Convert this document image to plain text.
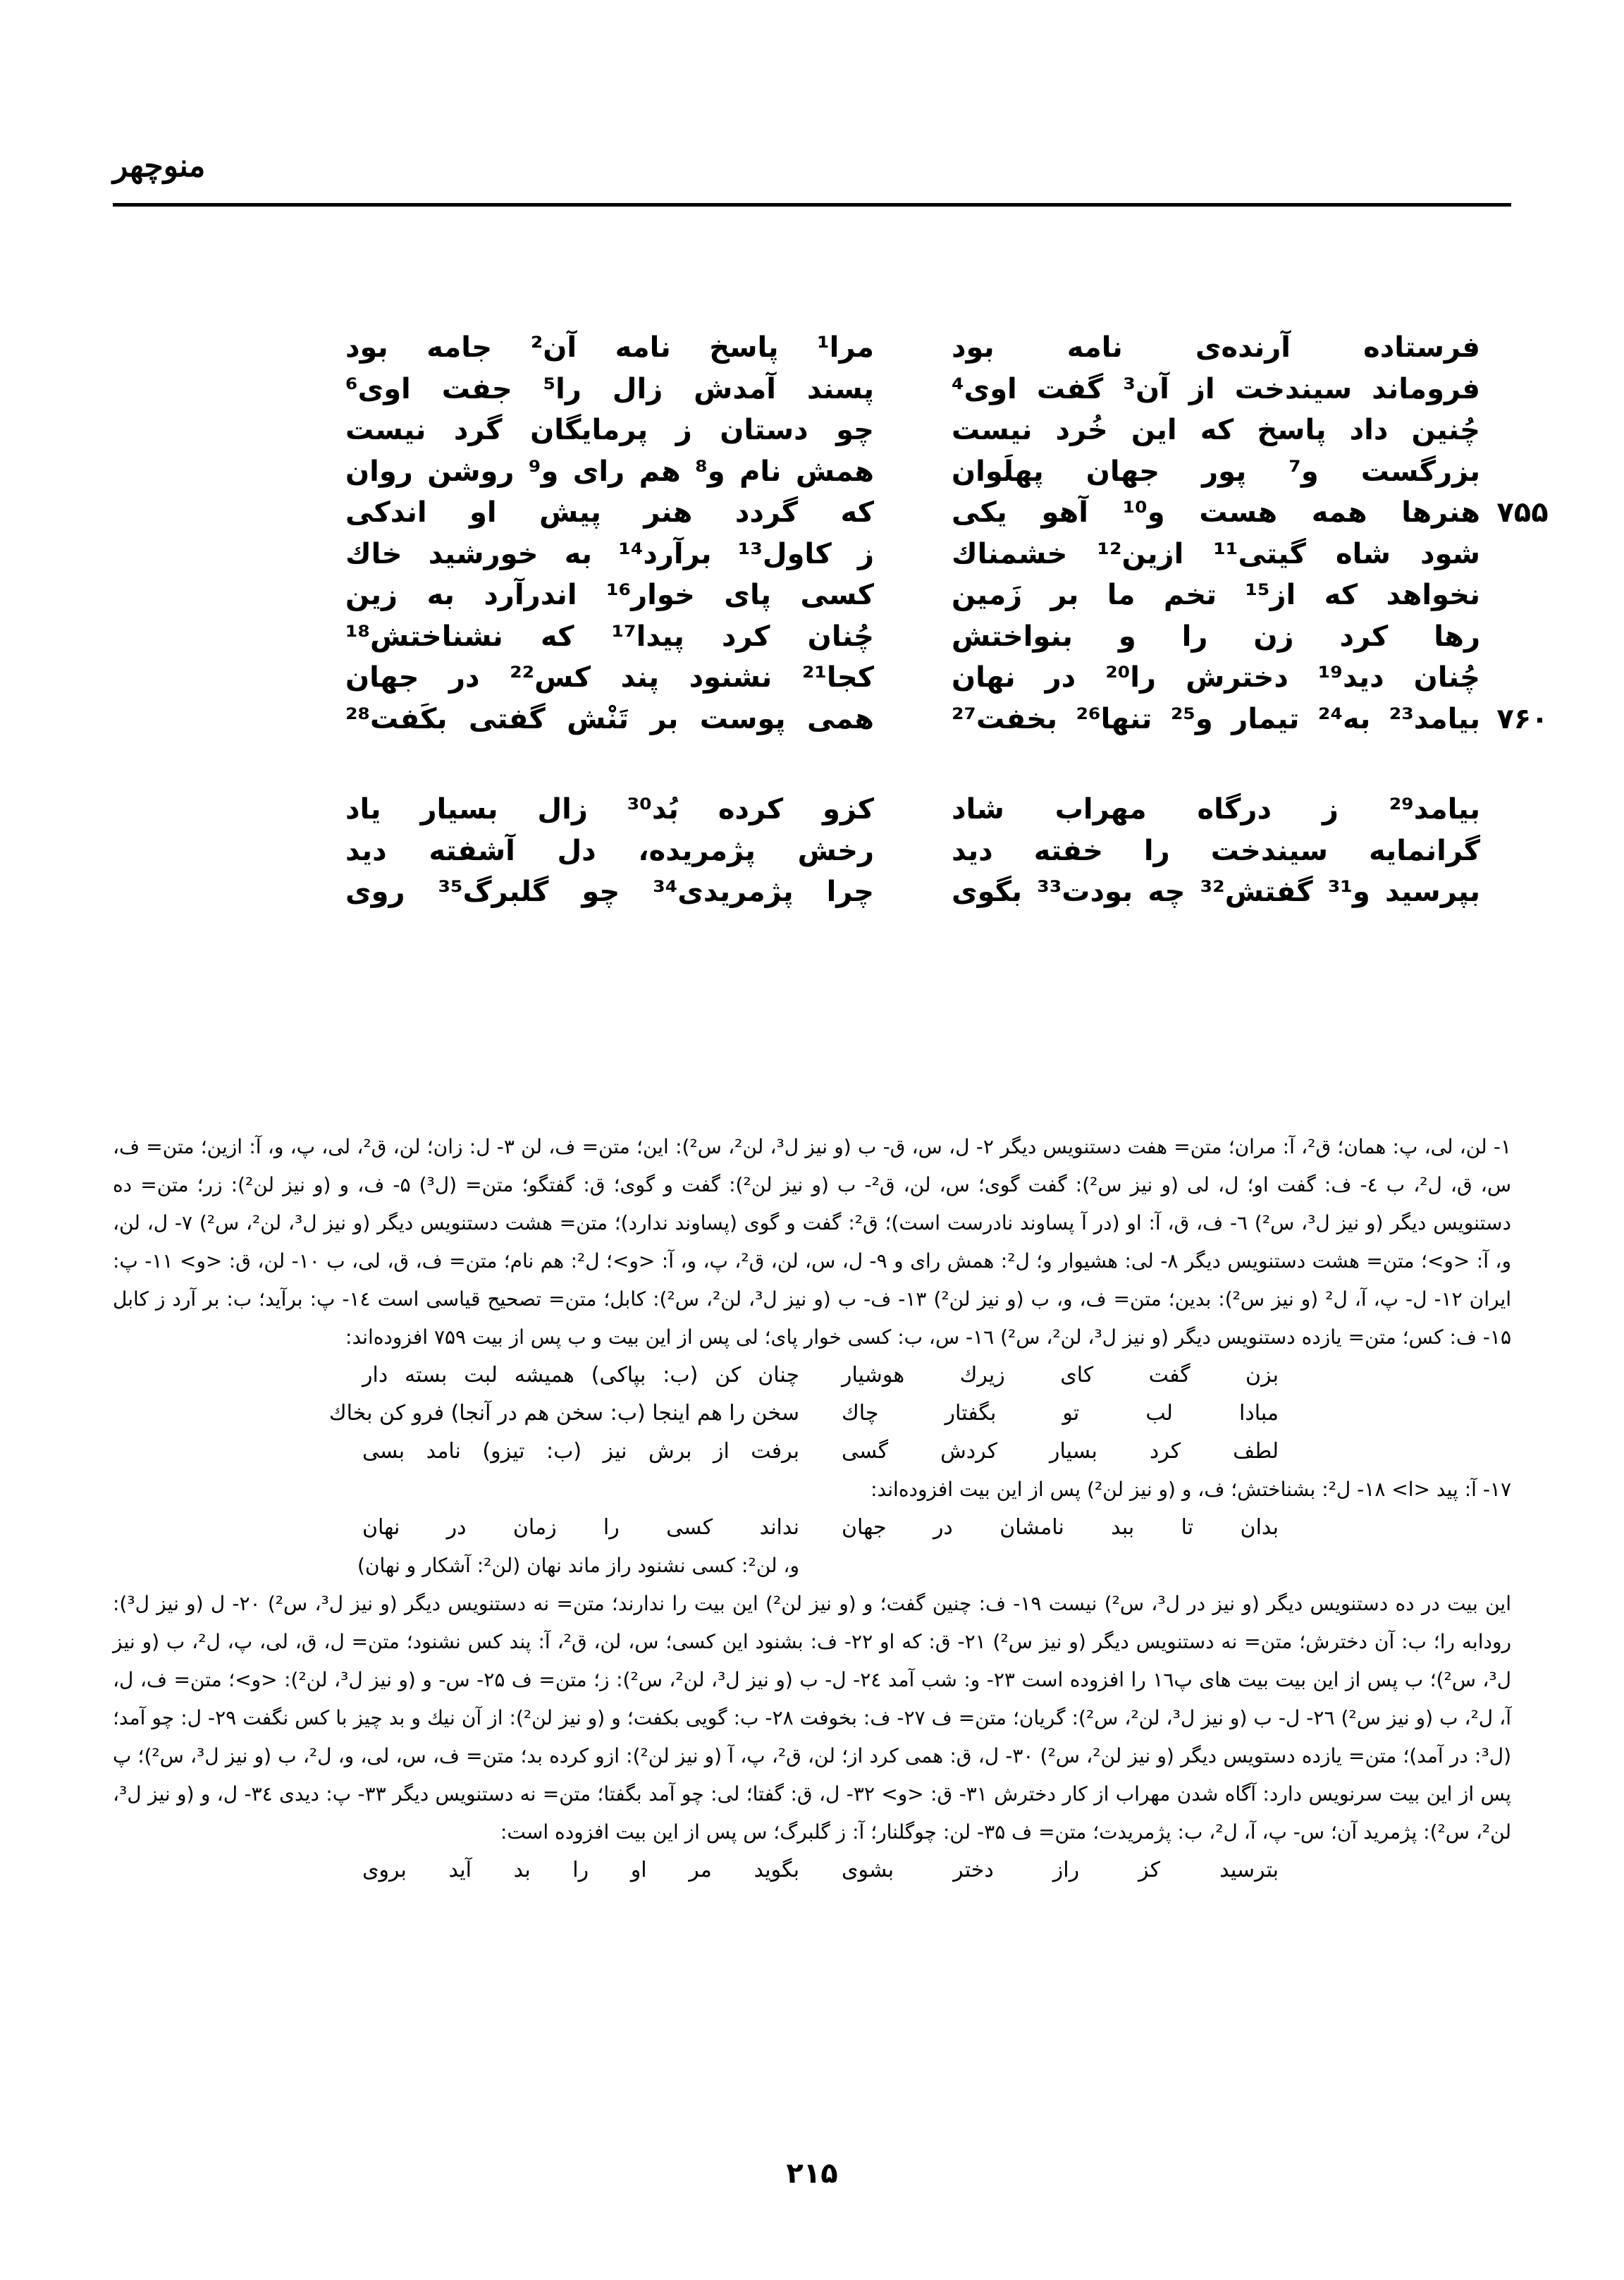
منوچهر
فرستاده آرنده‌ی نامه بود
مرا¹ پاسخ نامه آن² جامه بود
فروماند سیندخت از آن³ گفت اوی⁴
پسند آمدش زال را⁵ جفت اوی⁶
چُنین داد پاسخ که این خُرد نیست
چو دستان ز پرمایگان گرد نیست
بزرگست و⁷ پور جهان پهلَوان
همش نام و⁸ هم رای و⁹ روشن روان
۷۵۵
هنرها همه هست و¹⁰ آهو یکی
که گردد هنر پیش او اندکی
شود شاه گیتی¹¹ ازین¹² خشمناك
ز کاول¹³ برآرد¹⁴ به خورشید خاك
نخواهد که از¹⁵ تخم ما بر زَمین
کسی پای خوار¹⁶ اندرآرد به زین
رها کرد زن را و بنواختش
چُنان کرد پیدا¹⁷ که نشناختش¹⁸
چُنان دید¹⁹ دخترش را²⁰ در نهان
کجا²¹ نشنود پند کس²² در جهان
۷۶۰
بیامد²³ به²⁴ تیمار و²⁵ تنها²⁶ بخفت²⁷
همی پوست بر تَنْش گفتی بکَفت²⁸
بیامد²⁹ ز درگاه مهراب شاد
کزو کرده بُد³⁰ زال بسیار یاد
گرانمایه سیندخت را خفته دید
رخش پژمریده، دل آشفته دید
بپرسید و³¹ گفتش³² چه بودت³³ بگوی
چرا پژمریدی³⁴ چو گلبرگ³⁵ روی

۱- لن، لی، پ: همان؛ ق²، آ: مران؛ متن= هفت دستنویس دیگر ۲- ل، س، ق- ب (و نیز ل³، لن²، س²): این؛ متن= ف، لن ۳- ل: زان؛ لن، ق²، لی، پ، و، آ: ازین؛ متن= ف، س، ق، ل²، ب ٤- ف: گفت او؛ ل، لی (و نیز س²): گفت گوی؛ س، لن، ق²- ب (و نیز لن²): گفت و گوی؛ ق: گفتگو؛ متن= (ل³) ۵- ف، و (و نیز لن²): زر؛ متن= ده دستنویس دیگر (و نیز ل³، س²) ٦- ف، ق، آ: او (در آ پساوند نادرست است)؛ ق²: گفت و گوی (پساوند ندارد)؛ متن= هشت دستنویس دیگر (و نیز ل³، لن²، س²) ۷- ل، لن، و، آ: <و>؛ متن= هشت دستنویس دیگر ۸- لی: هشیوار و؛ ل²: همش رای و ۹- ل، س، لن، ق²، پ، و، آ: <و>؛ ل²: هم نام؛ متن= ف، ق، لی، ب ۱۰- لن، ق: <و> ۱۱- پ: ایران ۱۲- ل- پ، آ، ل² (و نیز س²): بدین؛ متن= ف، و، ب (و نیز لن²) ۱۳- ف- ب (و نیز ل³، لن²، س²): کابل؛ متن= تصحیح قیاسی است ۱٤- پ: برآید؛ ب: بر آرد ز کابل ۱۵- ف: کس؛ متن= یازده دستنویس دیگر (و نیز ل³، لن²، س²) ۱٦- س، ب: کسی خوار پای؛ لی پس از این بیت و ب پس از بیت ۷۵۹ افزوده‌اند:

بزن گفت کای زیرك هوشیار
چنان کن (ب: بپاکی) همیشه لبت بسته دار
مبادا لب تو بگفتار چاك
سخن را هم اینجا (ب: سخن هم در آنجا) فرو کن بخاك
لطف کرد بسیار کردش گسی
برفت از برش نیز (ب: تیزو) نامد بسی

۱۷- آ: پید <ا> ۱۸- ل²: بشناختش؛ ف، و (و نیز لن²) پس از این بیت افزوده‌اند:

بدان تا ببد نامشان در جهان
نداند کسی را زمان در نهان
و، لن²: کسی نشنود راز ماند نهان (لن²: آشکار و نهان)

این بیت در ده دستنویس دیگر (و نیز در ل³، س²) نیست ۱۹- ف: چنین گفت؛ و (و نیز لن²) این بیت را ندارند؛ متن= نه دستنویس دیگر (و نیز ل³، س²) ۲۰- ل (و نیز ل³): رودابه را؛ ب: آن دخترش؛ متن= نه دستنویس دیگر (و نیز س²) ۲۱- ق: که او ۲۲- ف: بشنود این کسی؛ س، لن، ق²، آ: پند کس نشنود؛ متن= ل، ق، لی، پ، ل²، ب (و نیز ل³، س²)؛ ب پس از این بیت بیت های پ۱٦ را افزوده است ۲۳- و: شب آمد ۲٤- ل- ب (و نیز ل³، لن²، س²): ز؛ متن= ف ۲۵- س- و (و نیز ل³، لن²): <و>؛ متن= ف، ل، آ، ل²، ب (و نیز س²) ۲٦- ل- ب (و نیز ل³، لن²، س²): گریان؛ متن= ف ۲۷- ف: بخوفت ۲۸- ب: گویی بکفت؛ و (و نیز لن²): از آن نیك و بد چیز با کس نگفت ۲۹- ل: چو آمد؛ (ل³: در آمد)؛ متن= یازده دستویس دیگر (و نیز لن²، س²) ۳۰- ل، ق: همی کرد از؛ لن، ق²، پ، آ (و نیز لن²): ازو کرده بد؛ متن= ف، س، لی، و، ل²، ب (و نیز ل³، س²)؛ پ پس از این بیت سرنویس دارد: آگاه شدن مهراب از کار دخترش ۳۱- ق: <و> ۳۲- ل، ق: گفتا؛ لی: چو آمد بگفتا؛ متن= نه دستنویس دیگر ۳۳- پ: دیدی ۳٤- ل، و (و نیز ل³، لن²، س²): پژمرید آن؛ س- پ، آ، ل²، ب: پژمریدت؛ متن= ف ۳۵- لن: چوگلنار؛ آ: ز گلبرگ؛ س پس از این بیت افزوده است:

بترسید کز راز دختر بشوی
بگوید مر او را بد آید بروی
۲۱۵
